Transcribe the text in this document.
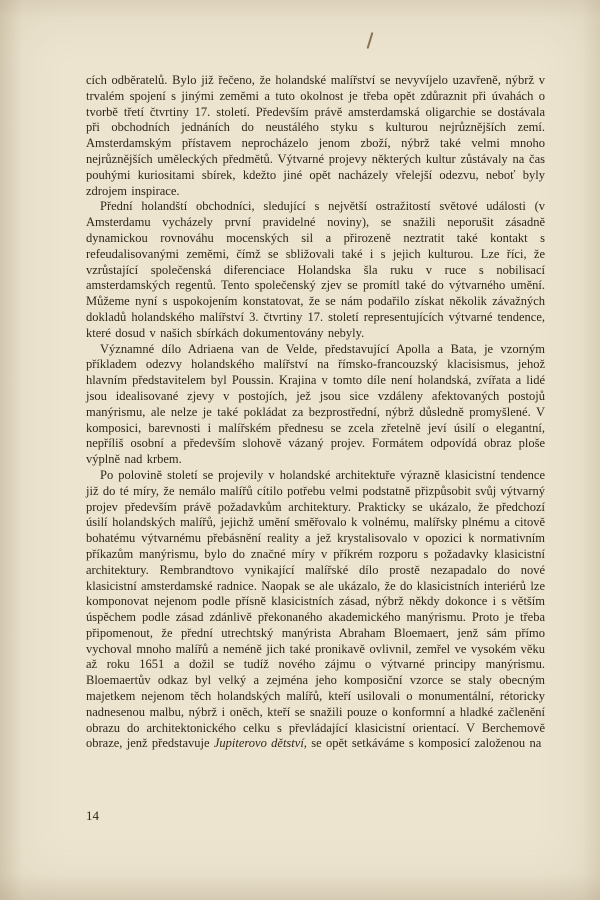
cích odběratelů. Bylo již řečeno, že holandské malířství se nevyvíjelo uzavřeně, nýbrž v trvalém spojení s jinými zeměmi a tuto okolnost je třeba opět zdůraznit při úvahách o tvorbě třetí čtvrtiny 17. století. Především právě amsterdamská oligarchie se dostávala při obchodních jednáních do neustálého styku s kulturou nejrůznějších zemí. Amsterdamským přístavem neprocházelo jenom zboží, nýbrž také velmi mnoho nejrůznějších uměleckých předmětů. Výtvarné projevy některých kultur zůstávaly na čas pouhými kuriositami sbírek, kdežto jiné opět nacházely vřelejší odezvu, neboť byly zdrojem inspirace.

Přední holandští obchodníci, sledující s největší ostražitostí světové události (v Amsterdamu vycházely první pravidelné noviny), se snažili neporušit zásadně dynamickou rovnováhu mocenských sil a přirozeně neztratit také kontakt s refeudalisovanými zeměmi, čímž se sbližovali také i s jejich kulturou. Lze říci, že vzrůstající společenská diferenciace Holandska šla ruku v ruce s nobilisací amsterdamských regentů. Tento společenský zjev se promítl také do výtvarného umění. Můžeme nyní s uspokojením konstatovat, že se nám podařilo získat několik závažných dokladů holandského malířství 3. čtvrtiny 17. století representujících výtvarné tendence, které dosud v našich sbírkách dokumentovány nebyly.

Významné dílo Adriaena van de Velde, představující Apolla a Bata, je vzorným příkladem odezvy holandského malířství na římsko-francouzský klacisismus, jehož hlavním představitelem byl Poussin. Krajina v tomto díle není holandská, zvířata a lidé jsou idealisované zjevy v postojích, jež jsou sice vzdáleny afektovaných postojů manýrismu, ale nelze je také pokládat za bezprostřední, nýbrž důsledně promyšlené. V komposici, barevnosti i malířském přednesu se zcela zřetelně jeví úsilí o elegantní, nepříliš osobní a především slohově vázaný projev. Formátem odpovídá obraz ploše výplně nad krbem.

Po polovině století se projevily v holandské architektuře výrazně klasicistní tendence již do té míry, že nemálo malířů cítilo potřebu velmi podstatně přizpůsobit svůj výtvarný projev především právě požadavkům architektury. Prakticky se ukázalo, že předchozí úsilí holandských malířů, jejichž umění směřovalo k volnému, malířsky plnému a citově bohatému výtvarnému přebásnění reality a jež krystalisovalo v opozici k normativním příkazům manýrismu, bylo do značné míry v příkrém rozporu s požadavky klasicistní architektury. Rembrandtovo vynikající malířské dílo prostě nezapadalo do nové klasicistní amsterdamské radnice. Naopak se ale ukázalo, že do klasicistních interiérů lze komponovat nejenom podle přísně klasicistních zásad, nýbrž někdy dokonce i s větším úspěchem podle zásad zdánlivě překonaného akademického manýrismu. Proto je třeba připomenout, že přední utrechtský manýrista Abraham Bloemaert, jenž sám přímo vychoval mnoho malířů a neméně jich také pronikavě ovlivnil, zemřel ve vysokém věku až roku 1651 a dožil se tudíž nového zájmu o výtvarné principy manýrismu. Bloemaertův odkaz byl velký a zejména jeho komposiční vzorce se staly obecným majetkem nejenom těch holandských malířů, kteří usilovali o monumentální, rétoricky nadnesenou malbu, nýbrž i oněch, kteří se snažili pouze o konformní a hladké začlenění obrazu do architektonického celku s převládající klasicistní orientací. V Berchemově obraze, jenž představuje Jupiterovo dětství, se opět setkáváme s komposicí založenou na

14
